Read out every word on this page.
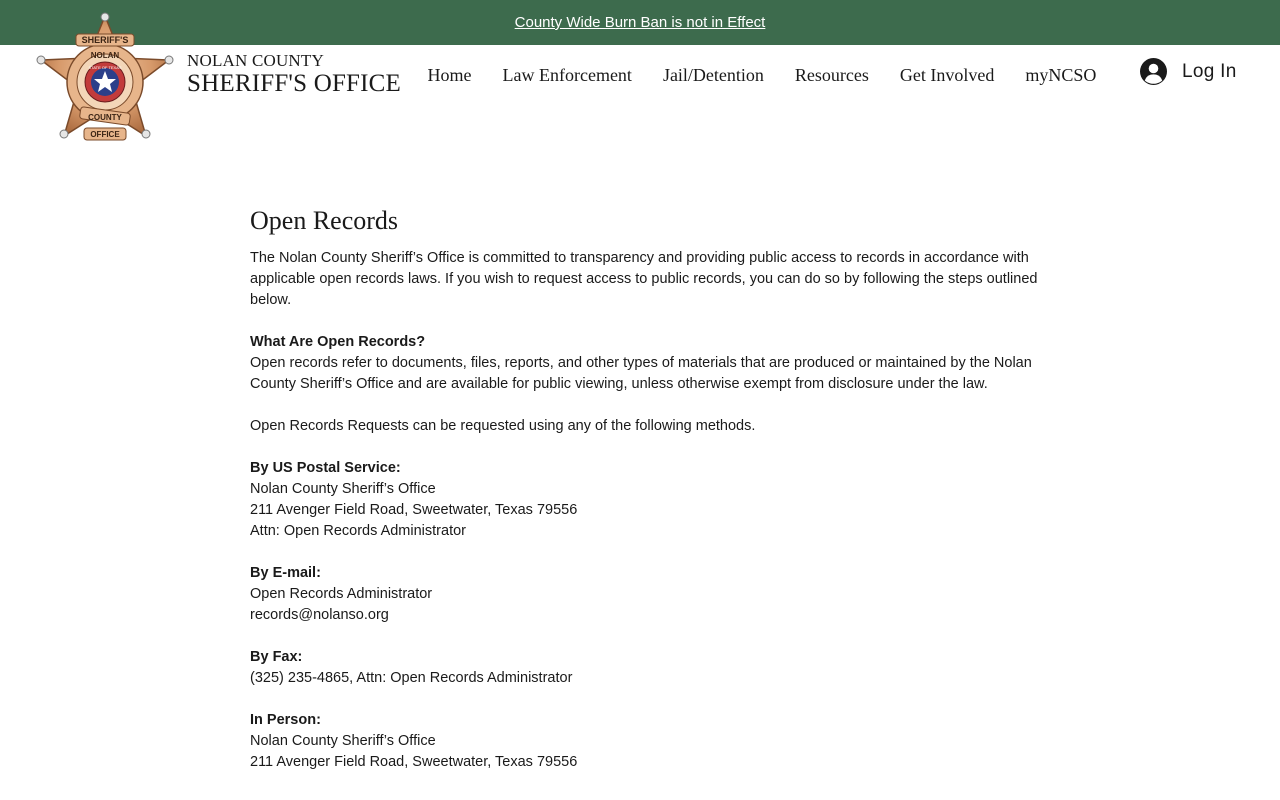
County Wide Burn Ban is not in Effect
SHERIFF'S
NOLAN
COUNTY
OFFICE
STATE OF TEXAS	NOLAN COUNTY
SHERIFF'S OFFICE	Home	Law Enforcement	Jail/Detention	Resources	Get Involved	myNCSO	Log In
Open Records

The Nolan County Sheriff’s Office is committed to transparency and providing public access to records in accordance with applicable open records laws. If you wish to request access to public records, you can do so by following the steps outlined below.

What Are Open Records?

Open records refer to documents, files, reports, and other types of materials that are produced or maintained by the Nolan County Sheriff’s Office and are available for public viewing, unless otherwise exempt from disclosure under the law.

Open Records Requests can be requested using any of the following methods.

By US Postal Service:

Nolan County Sheriff’s Office

211 Avenger Field Road, Sweetwater, Texas 79556

Attn: Open Records Administrator

By E-mail:

Open Records Administrator

records@nolanso.org

By Fax:

(325) 235-4865, Attn: Open Records Administrator

In Person:

Nolan County Sheriff’s Office

211 Avenger Field Road, Sweetwater, Texas 79556
